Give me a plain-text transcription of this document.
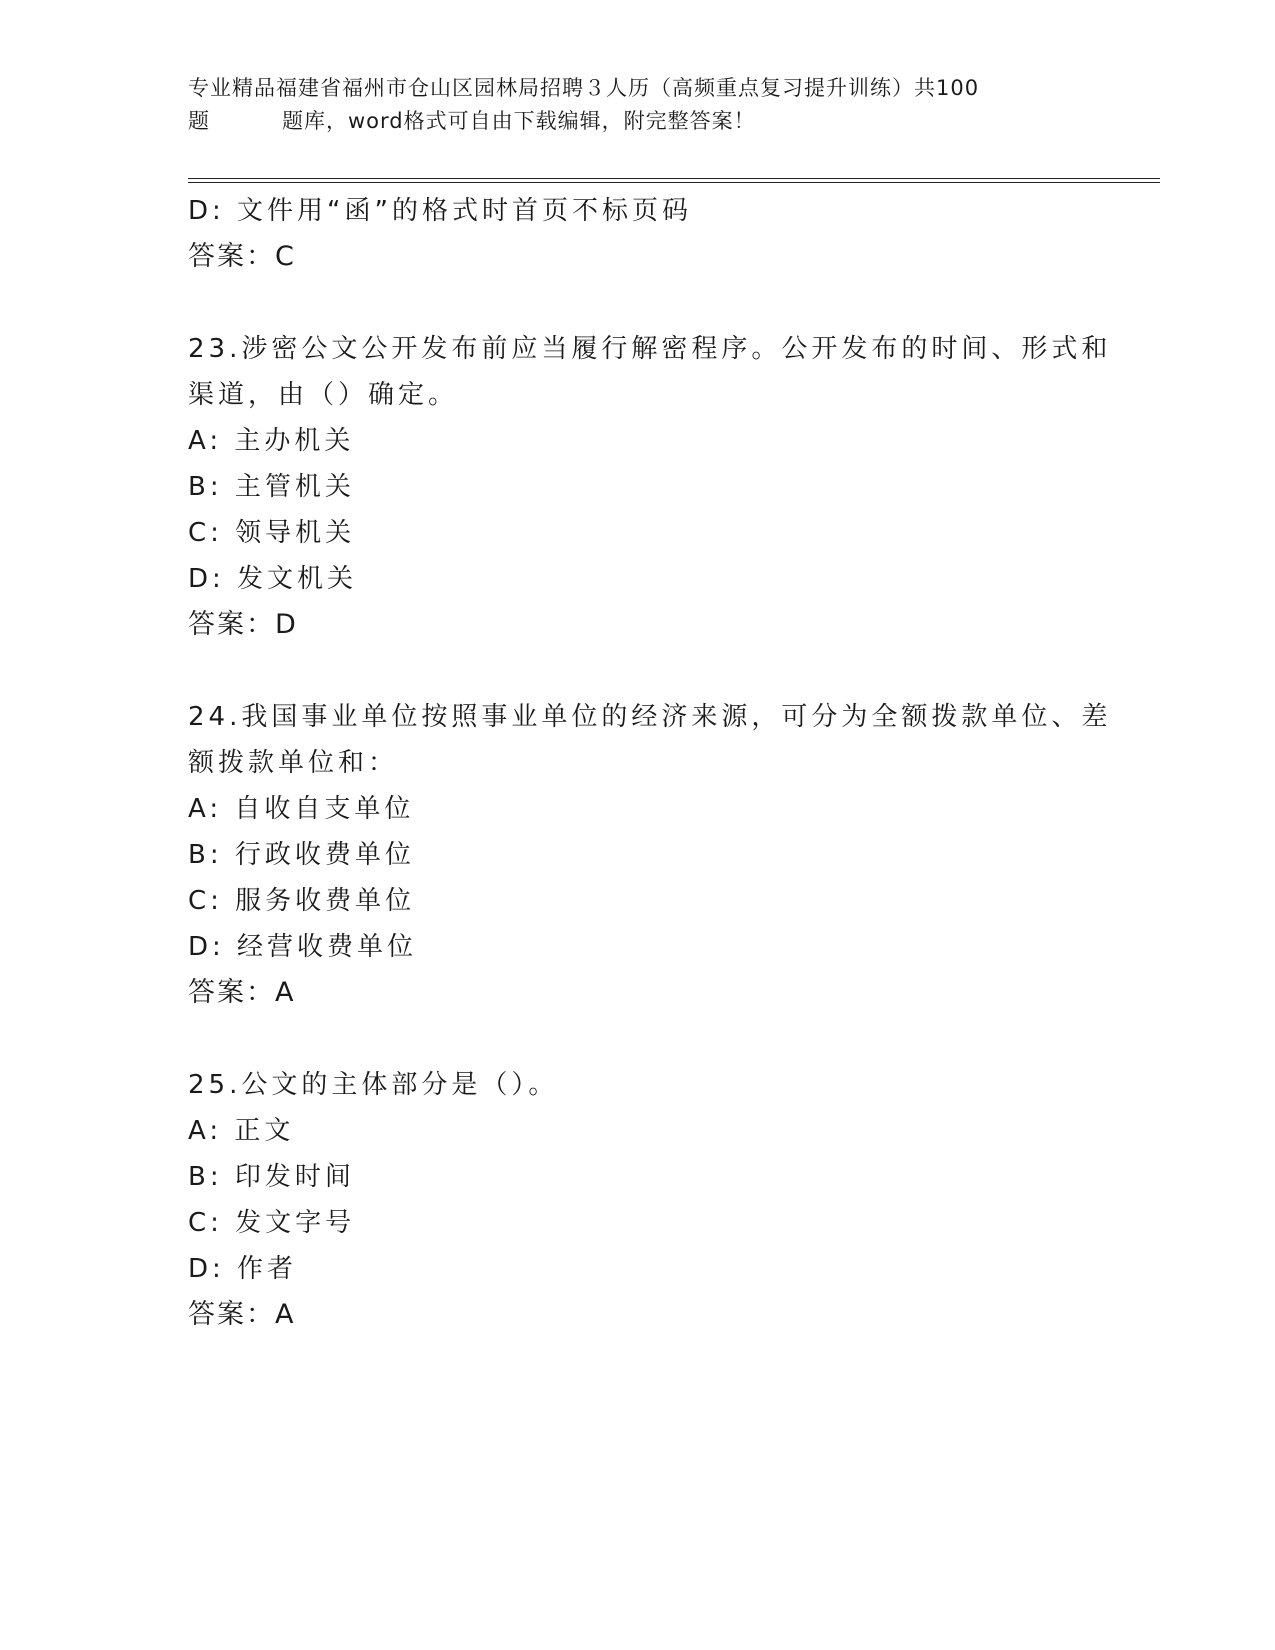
专业精品福建省福州市仓山区园林局招聘３人历（高频重点复习提升训练）共100
题	题库，word格式可自由下载编辑，附完整答案！
D: 文件用“函”的格式时首页不标页码
答案：C
23.涉密公文公开发布前应当履行解密程序。公开发布的时间、形式和
渠道，由（）确定。
A: 主办机关
B: 主管机关
C: 领导机关
D: 发文机关
答案：D
24.我国事业单位按照事业单位的经济来源，可分为全额拨款单位、差
额拨款单位和：
A: 自收自支单位
B: 行政收费单位
C: 服务收费单位
D: 经营收费单位
答案：A
25.公文的主体部分是（）。
A: 正文
B: 印发时间
C: 发文字号
D: 作者
答案：A
